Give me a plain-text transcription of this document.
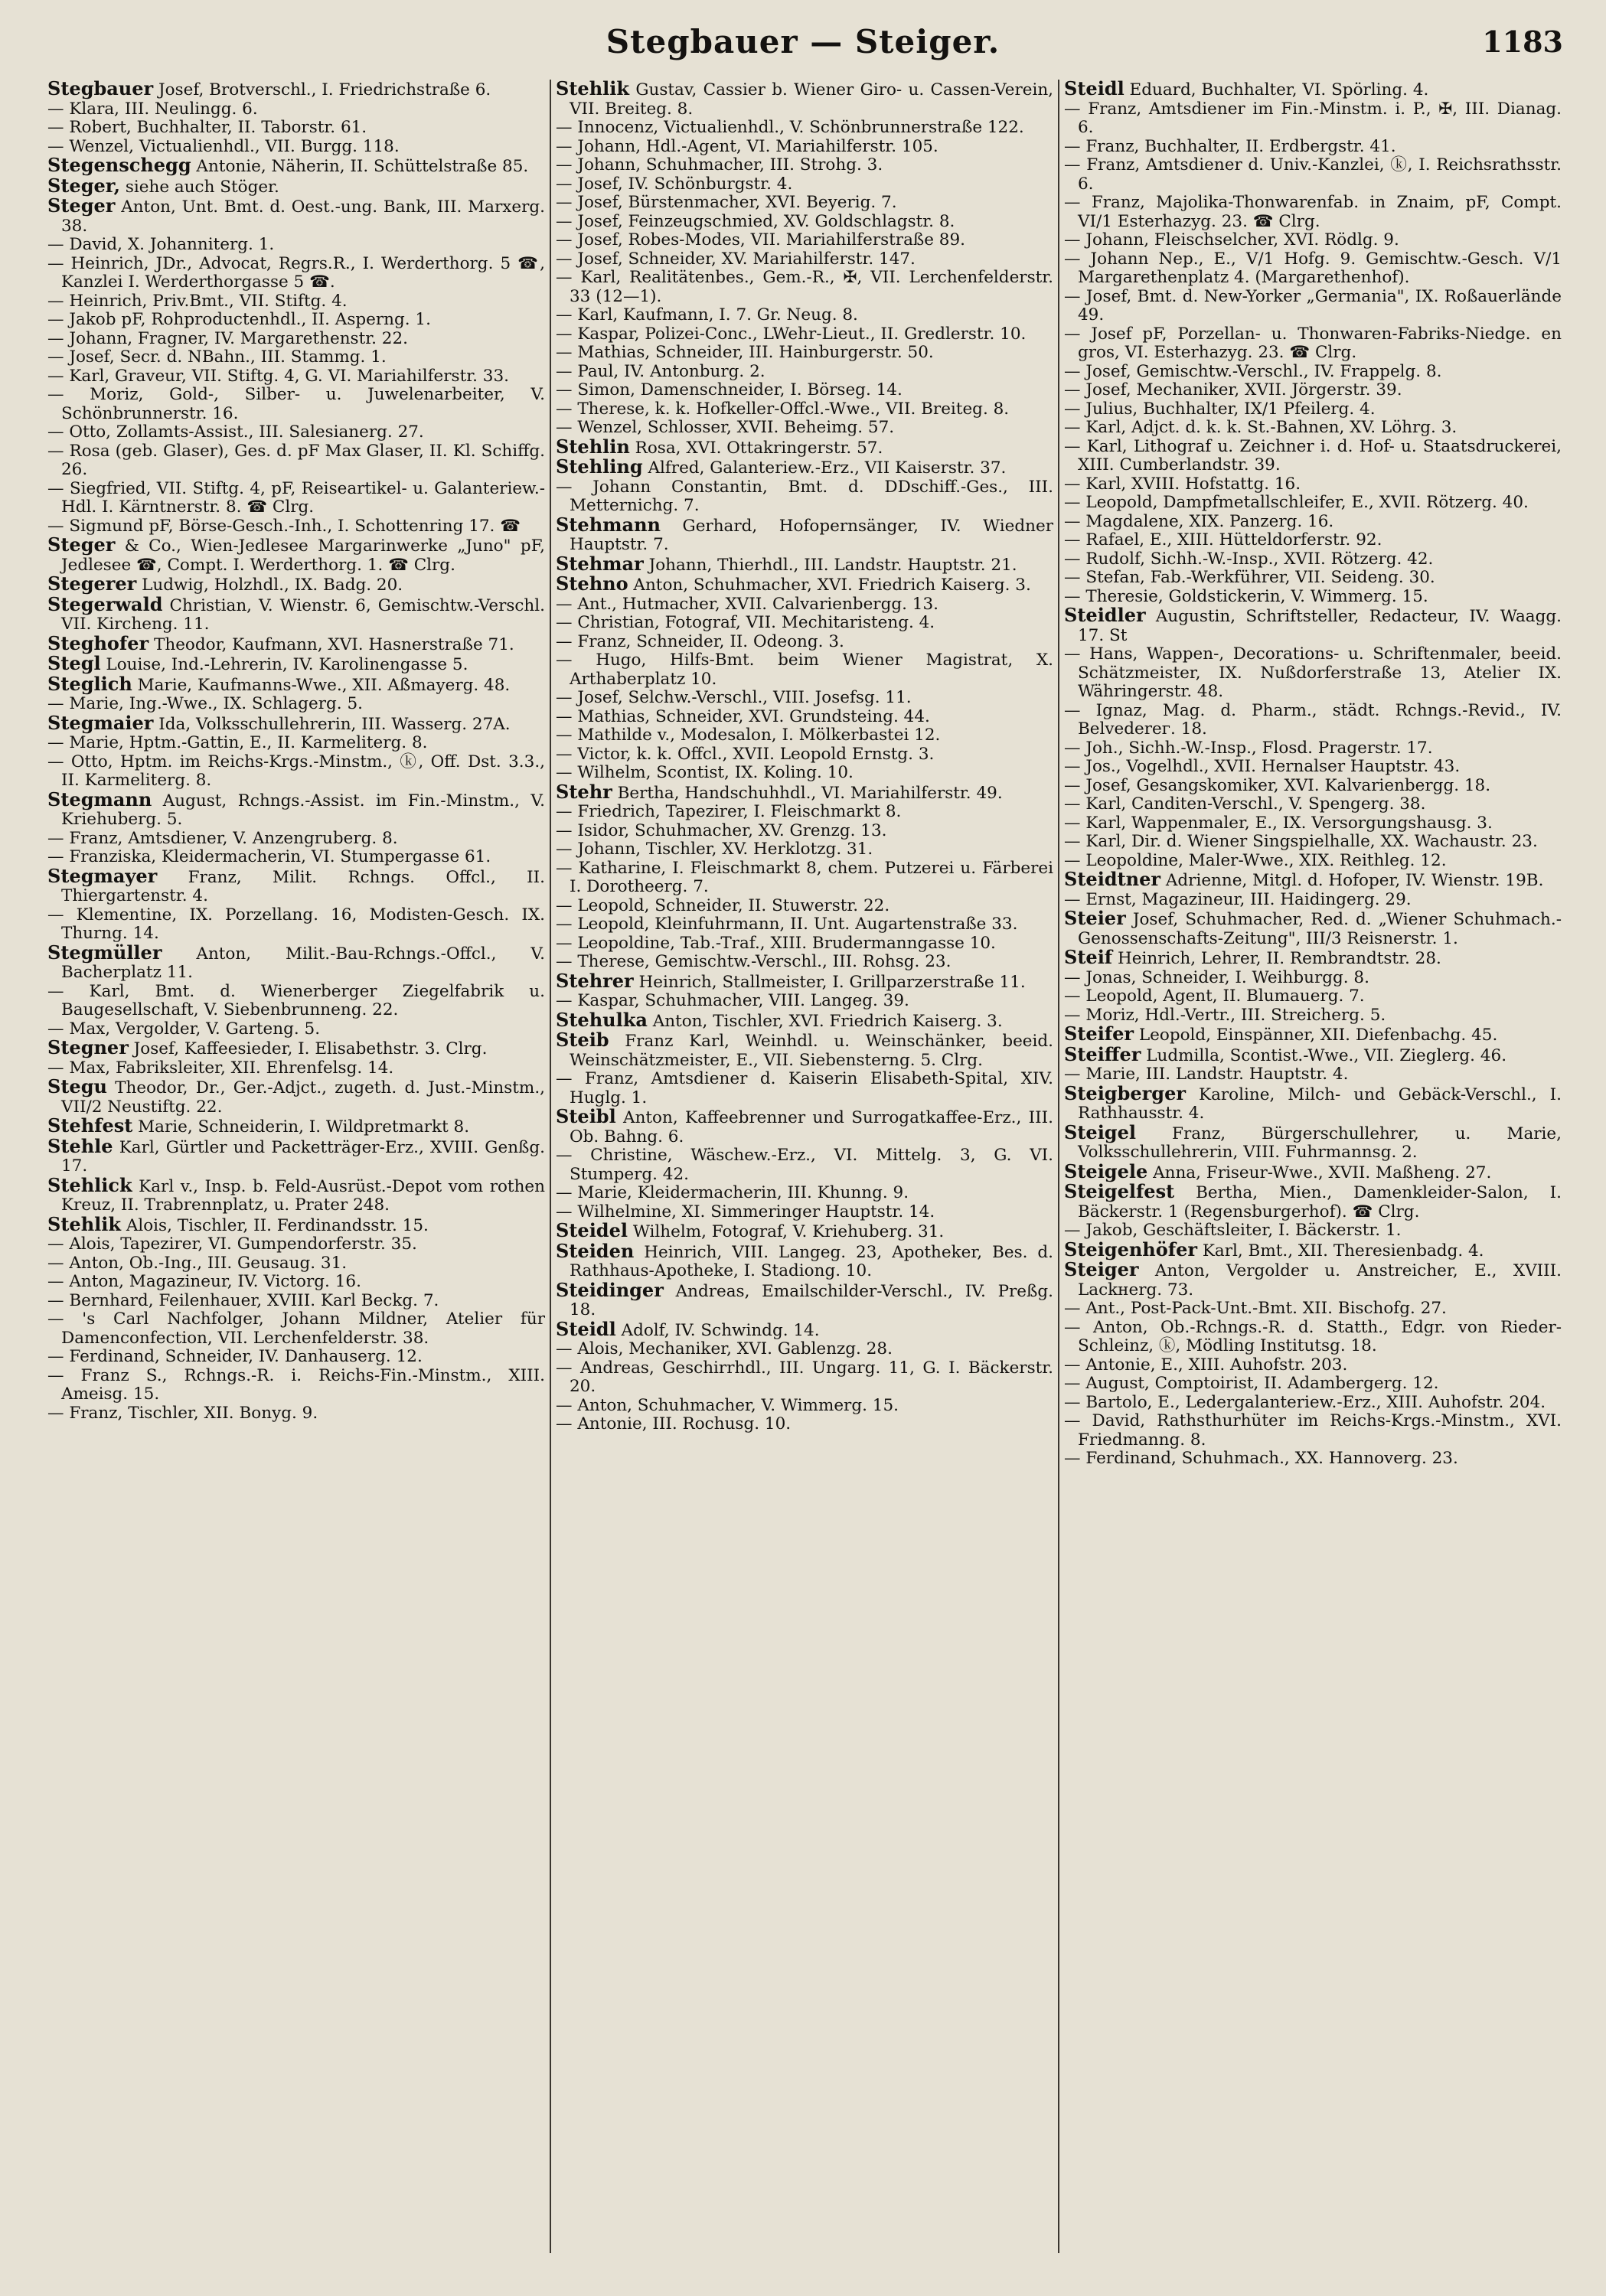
Stegbauer — Steiger.	1183

Stegbauer Josef, Brotverschl., I. Friedrichstraße 6.

— Klara, III. Neulingg. 6.

— Robert, Buchhalter, II. Taborstr. 61.

— Wenzel, Victualienhdl., VII. Burgg. 118.

Stegenschegg Antonie, Näherin, II. Schüttelstraße 85.

Steger, siehe auch Stöger.

Steger Anton, Unt. Bmt. d. Oest.-ung. Bank, III. Marxerg. 38.

— David, X. Johanniterg. 1.

— Heinrich, JDr., Advocat, Regrs.R., I. Werderthorg. 5 ☎, Kanzlei I. Werderthorgasse 5 ☎.

— Heinrich, Priv.Bmt., VII. Stiftg. 4.

— Jakob pF, Rohproductenhdl., II. Asperng. 1.

— Johann, Fragner, IV. Margarethenstr. 22.

— Josef, Secr. d. NBahn., III. Stammg. 1.

— Karl, Graveur, VII. Stiftg. 4, G. VI. Mariahilferstr. 33.

— Moriz, Gold-, Silber- u. Juwelenarbeiter, V. Schönbrunnerstr. 16.

— Otto, Zollamts-Assist., III. Salesianerg. 27.

— Rosa (geb. Glaser), Ges. d. pF Max Glaser, II. Kl. Schiffg. 26.

— Siegfried, VII. Stiftg. 4, pF, Reiseartikel- u. Galanteriew.-Hdl. I. Kärntnerstr. 8. ☎ Clrg.

— Sigmund pF, Börse-Gesch.-Inh., I. Schottenring 17. ☎

Steger & Co., Wien-Jedlesee Margarinwerke „Juno" pF, Jedlesee ☎, Compt. I. Werderthorg. 1. ☎ Clrg.

Stegerer Ludwig, Holzhdl., IX. Badg. 20.

Stegerwald Christian, V. Wienstr. 6, Gemischtw.-Verschl. VII. Kircheng. 11.

Steghofer Theodor, Kaufmann, XVI. Hasnerstraße 71.

Stegl Louise, Ind.-Lehrerin, IV. Karolinengasse 5.

Steglich Marie, Kaufmanns-Wwe., XII. Aßmayerg. 48.

— Marie, Ing.-Wwe., IX. Schlagerg. 5.

Stegmaier Ida, Volksschullehrerin, III. Wasserg. 27A.

— Marie, Hptm.-Gattin, E., II. Karmeliterg. 8.

— Otto, Hptm. im Reichs-Krgs.-Minstm., ⓚ, Off. Dst. 3.3., II. Karmeliterg. 8.

Stegmann August, Rchngs.-Assist. im Fin.-Minstm., V. Kriehuberg. 5.

— Franz, Amtsdiener, V. Anzengruberg. 8.

— Franziska, Kleidermacherin, VI. Stumpergasse 61.

Stegmayer Franz, Milit. Rchngs. Offcl., II. Thiergartenstr. 4.

— Klementine, IX. Porzellang. 16, Modisten-Gesch. IX. Thurng. 14.

Stegmüller Anton, Milit.-Bau-Rchngs.-Offcl., V. Bacherplatz 11.

— Karl, Bmt. d. Wienerberger Ziegelfabrik u. Baugesellschaft, V. Siebenbrunneng. 22.

— Max, Vergolder, V. Garteng. 5.

Stegner Josef, Kaffeesieder, I. Elisabethstr. 3. Clrg.

— Max, Fabriksleiter, XII. Ehrenfelsg. 14.

Stegu Theodor, Dr., Ger.-Adjct., zugeth. d. Just.-Minstm., VII/2 Neustiftg. 22.

Stehfest Marie, Schneiderin, I. Wildpretmarkt 8.

Stehle Karl, Gürtler und Packetträger-Erz., XVIII. Genßg. 17.

Stehlick Karl v., Insp. b. Feld-Ausrüst.-Depot vom rothen Kreuz, II. Trabrennplatz, u. Prater 248.

Stehlik Alois, Tischler, II. Ferdinandsstr. 15.

— Alois, Tapezirer, VI. Gumpendorferstr. 35.

— Anton, Ob.-Ing., III. Geusaug. 31.

— Anton, Magazineur, IV. Victorg. 16.

— Bernhard, Feilenhauer, XVIII. Karl Beckg. 7.

— 's Carl Nachfolger, Johann Mildner, Atelier für Damenconfection, VII. Lerchenfelderstr. 38.

— Ferdinand, Schneider, IV. Danhauserg. 12.

— Franz S., Rchngs.-R. i. Reichs-Fin.-Minstm., XIII. Ameisg. 15.

— Franz, Tischler, XII. Bonyg. 9.

Stehlik Gustav, Cassier b. Wiener Giro- u. Cassen-Verein, VII. Breiteg. 8.

— Innocenz, Victualienhdl., V. Schönbrunnerstraße 122.

— Johann, Hdl.-Agent, VI. Mariahilferstr. 105.

— Johann, Schuhmacher, III. Strohg. 3.

— Josef, IV. Schönburgstr. 4.

— Josef, Bürstenmacher, XVI. Beyerig. 7.

— Josef, Feinzeugschmied, XV. Goldschlagstr. 8.

— Josef, Robes-Modes, VII. Mariahilferstraße 89.

— Josef, Schneider, XV. Mariahilferstr. 147.

— Karl, Realitätenbes., Gem.-R., ✠, VII. Lerchenfelderstr. 33 (12—1).

— Karl, Kaufmann, I. 7. Gr. Neug. 8.

— Kaspar, Polizei-Conc., LWehr-Lieut., II. Gredlerstr. 10.

— Mathias, Schneider, III. Hainburgerstr. 50.

— Paul, IV. Antonburg. 2.

— Simon, Damenschneider, I. Börseg. 14.

— Therese, k. k. Hofkeller-Offcl.-Wwe., VII. Breiteg. 8.

— Wenzel, Schlosser, XVII. Beheimg. 57.

Stehlin Rosa, XVI. Ottakringerstr. 57.

Stehling Alfred, Galanteriew.-Erz., VII Kaiserstr. 37.

— Johann Constantin, Bmt. d. DDschiff.-Ges., III. Metternichg. 7.

Stehmann Gerhard, Hofopernsänger, IV. Wiedner Hauptstr. 7.

Stehmar Johann, Thierhdl., III. Landstr. Hauptstr. 21.

Stehno Anton, Schuhmacher, XVI. Friedrich Kaiserg. 3.

— Ant., Hutmacher, XVII. Calvarienbergg. 13.

— Christian, Fotograf, VII. Mechitaristeng. 4.

— Franz, Schneider, II. Odeong. 3.

— Hugo, Hilfs-Bmt. beim Wiener Magistrat, X. Arthaberplatz 10.

— Josef, Selchw.-Verschl., VIII. Josefsg. 11.

— Mathias, Schneider, XVI. Grundsteing. 44.

— Mathilde v., Modesalon, I. Mölkerbastei 12.

— Victor, k. k. Offcl., XVII. Leopold Ernstg. 3.

— Wilhelm, Scontist, IX. Koling. 10.

Stehr Bertha, Handschuhhdl., VI. Mariahilferstr. 49.

— Friedrich, Tapezirer, I. Fleischmarkt 8.

— Isidor, Schuhmacher, XV. Grenzg. 13.

— Johann, Tischler, XV. Herklotzg. 31.

— Katharine, I. Fleischmarkt 8, chem. Putzerei u. Färberei I. Dorotheerg. 7.

— Leopold, Schneider, II. Stuwerstr. 22.

— Leopold, Kleinfuhrmann, II. Unt. Augartenstraße 33.

— Leopoldine, Tab.-Traf., XIII. Brudermanngasse 10.

— Therese, Gemischtw.-Verschl., III. Rohsg. 23.

Stehrer Heinrich, Stallmeister, I. Grillparzerstraße 11.

— Kaspar, Schuhmacher, VIII. Langeg. 39.

Stehulka Anton, Tischler, XVI. Friedrich Kaiserg. 3.

Steib Franz Karl, Weinhdl. u. Weinschänker, beeid. Weinschätzmeister, E., VII. Siebensterng. 5. Clrg.

— Franz, Amtsdiener d. Kaiserin Elisabeth-Spital, XIV. Huglg. 1.

Steibl Anton, Kaffeebrenner und Surrogatkaffee-Erz., III. Ob. Bahng. 6.

— Christine, Wäschew.-Erz., VI. Mittelg. 3, G. VI. Stumperg. 42.

— Marie, Kleidermacherin, III. Khunng. 9.

— Wilhelmine, XI. Simmeringer Hauptstr. 14.

Steidel Wilhelm, Fotograf, V. Kriehuberg. 31.

Steiden Heinrich, VIII. Langeg. 23, Apotheker, Bes. d. Rathhaus-Apotheke, I. Stadiong. 10.

Steidinger Andreas, Emailschilder-Verschl., IV. Preßg. 18.

Steidl Adolf, IV. Schwindg. 14.

— Alois, Mechaniker, XVI. Gablenzg. 28.

— Andreas, Geschirrhdl., III. Ungarg. 11, G. I. Bäckerstr. 20.

— Anton, Schuhmacher, V. Wimmerg. 15.

— Antonie, III. Rochusg. 10.

Steidl Eduard, Buchhalter, VI. Spörling. 4.

— Franz, Amtsdiener im Fin.-Minstm. i. P., ✠, III. Dianag. 6.

— Franz, Buchhalter, II. Erdbergstr. 41.

— Franz, Amtsdiener d. Univ.-Kanzlei, ⓚ, I. Reichsrathsstr. 6.

— Franz, Majolika-Thonwarenfab. in Znaim, pF, Compt. VI/1 Esterhazyg. 23. ☎ Clrg.

— Johann, Fleischselcher, XVI. Rödlg. 9.

— Johann Nep., E., V/1 Hofg. 9. Gemischtw.-Gesch. V/1 Margarethenplatz 4. (Margarethenhof).

— Josef, Bmt. d. New-Yorker „Germania", IX. Roßauerlände 49.

— Josef pF, Porzellan- u. Thonwaren-Fabriks-Niedge. en gros, VI. Esterhazyg. 23. ☎ Clrg.

— Josef, Gemischtw.-Verschl., IV. Frappelg. 8.

— Josef, Mechaniker, XVII. Jörgerstr. 39.

— Julius, Buchhalter, IX/1 Pfeilerg. 4.

— Karl, Adjct. d. k. k. St.-Bahnen, XV. Löhrg. 3.

— Karl, Lithograf u. Zeichner i. d. Hof- u. Staatsdruckerei, XIII. Cumberlandstr. 39.

— Karl, XVIII. Hofstattg. 16.

— Leopold, Dampfmetallschleifer, E., XVII. Rötzerg. 40.

— Magdalene, XIX. Panzerg. 16.

— Rafael, E., XIII. Hütteldorferstr. 92.

— Rudolf, Sichh.-W.-Insp., XVII. Rötzerg. 42.

— Stefan, Fab.-Werkführer, VII. Seideng. 30.

— Theresie, Goldstickerin, V. Wimmerg. 15.

Steidler Augustin, Schriftsteller, Redacteur, IV. Waagg. 17. St

— Hans, Wappen-, Decorations- u. Schriftenmaler, beeid. Schätzmeister, IX. Nußdorferstraße 13, Atelier IX. Währingerstr. 48.

— Ignaz, Mag. d. Pharm., städt. Rchngs.-Revid., IV. Belvederег. 18.

— Joh., Sichh.-W.-Insp., Flosd. Pragerstr. 17.

— Jos., Vogelhdl., XVII. Hernalser Hauptstr. 43.

— Josef, Gesangskomiker, XVI. Kalvarienbergg. 18.

— Karl, Canditen-Verschl., V. Spengerg. 38.

— Karl, Wappenmaler, E., IX. Versorgungshausg. 3.

— Karl, Dir. d. Wiener Singspielhalle, XX. Wachaustr. 23.

— Leopoldine, Maler-Wwe., XIX. Reithleg. 12.

Steidtner Adrienne, Mitgl. d. Hofoper, IV. Wienstr. 19B.

— Ernst, Magazineur, III. Haidingerg. 29.

Steier Josef, Schuhmacher, Red. d. „Wiener Schuhmach.-Genossenschafts-Zeitung", III/3 Reisnerstr. 1.

Steif Heinrich, Lehrer, II. Rembrandtstr. 28.

— Jonas, Schneider, I. Weihburgg. 8.

— Leopold, Agent, II. Blumauerg. 7.

— Moriz, Hdl.-Vertr., III. Streicherg. 5.

Steifer Leopold, Einspänner, XII. Diefenbachg. 45.

Steiffer Ludmilla, Scontist.-Wwe., VII. Zieglerg. 46.

— Marie, III. Landstr. Hauptstr. 4.

Steigberger Karoline, Milch- und Gebäck-Verschl., I. Rathhausstr. 4.

Steigel Franz, Bürgerschullehrer, u. Marie, Volksschullehrerin, VIII. Fuhrmannsg. 2.

Steigele Anna, Friseur-Wwe., XVII. Maßheng. 27.

Steigelfest Bertha, Mien., Damenkleider-Salon, I. Bäckerstr. 1 (Regensburgerhof). ☎ Clrg.

— Jakob, Geschäftsleiter, I. Bäckerstr. 1.

Steigenhöfer Karl, Bmt., XII. Theresienbadg. 4.

Steiger Anton, Vergolder u. Anstreicher, E., XVIII. Lackнerg. 73.

— Ant., Post-Pack-Unt.-Bmt. XII. Bischofg. 27.

— Anton, Ob.-Rchngs.-R. d. Statth., Edgr. von Rieder-Schleinz, ⓚ, Mödling Institutsg. 18.

— Antonie, E., XIII. Auhofstr. 203.

— August, Comptoirist, II. Adambergerg. 12.

— Bartolo, E., Ledergalanteriew.-Erz., XIII. Auhofstr. 204.

— David, Rathsthurhüter im Reichs-Krgs.-Minstm., XVI. Friedmanng. 8.

— Ferdinand, Schuhmach., XX. Hannoverg. 23.
